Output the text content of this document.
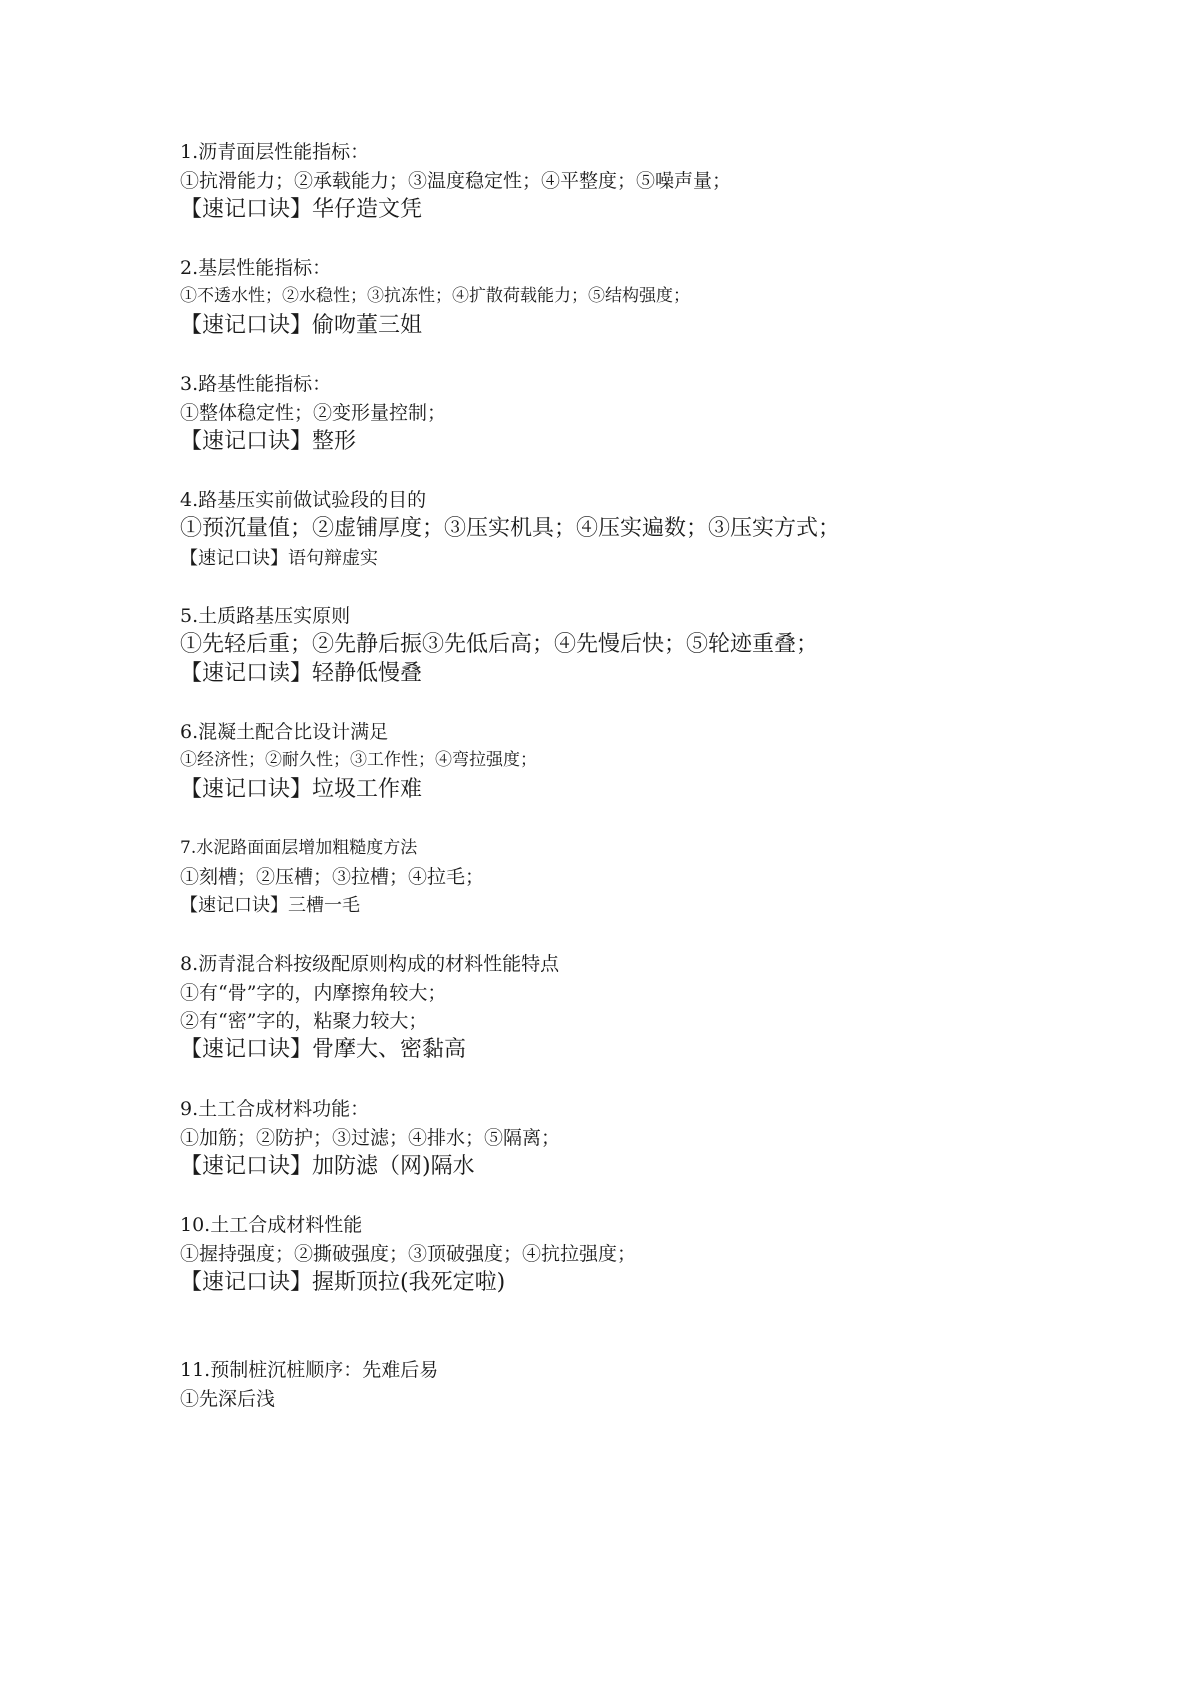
1.沥青面层性能指标：
①抗滑能力；②承载能力；③温度稳定性；④平整度；⑤噪声量；
【速记口诀】华仔造文凭
2.基层性能指标：
①不透水性；②水稳性；③抗冻性；④扩散荷载能力；⑤结构强度；
【速记口诀】偷吻董三姐
3.路基性能指标：
①整体稳定性；②变形量控制；
【速记口诀】整形
4.路基压实前做试验段的目的
①预沉量值；②虚铺厚度；③压实机具；④压实遍数；③压实方式；
【速记口诀】语句辩虚实
5.土质路基压实原则
①先轻后重；②先静后振③先低后高；④先慢后快；⑤轮迹重叠；
【速记口读】轻静低慢叠
6.混凝土配合比设计满足
①经济性；②耐久性；③工作性；④弯拉强度；
【速记口诀】垃圾工作难
7.水泥路面面层增加粗糙度方法
①刻槽；②压槽；③拉槽；④拉毛；
【速记口诀】三槽一毛
8.沥青混合料按级配原则构成的材料性能特点
①有“骨”字的，内摩擦角较大；
②有“密”字的，粘聚力较大；
【速记口诀】骨摩大、密黏高
9.土工合成材料功能：
①加筋；②防护；③过滤；④排水；⑤隔离；
【速记口诀】加防滤（网)隔水
10.土工合成材料性能
①握持强度；②撕破强度；③顶破强度；④抗拉强度；
【速记口诀】握斯顶拉(我死定啦)
11.预制桩沉桩顺序：先难后易
①先深后浅
